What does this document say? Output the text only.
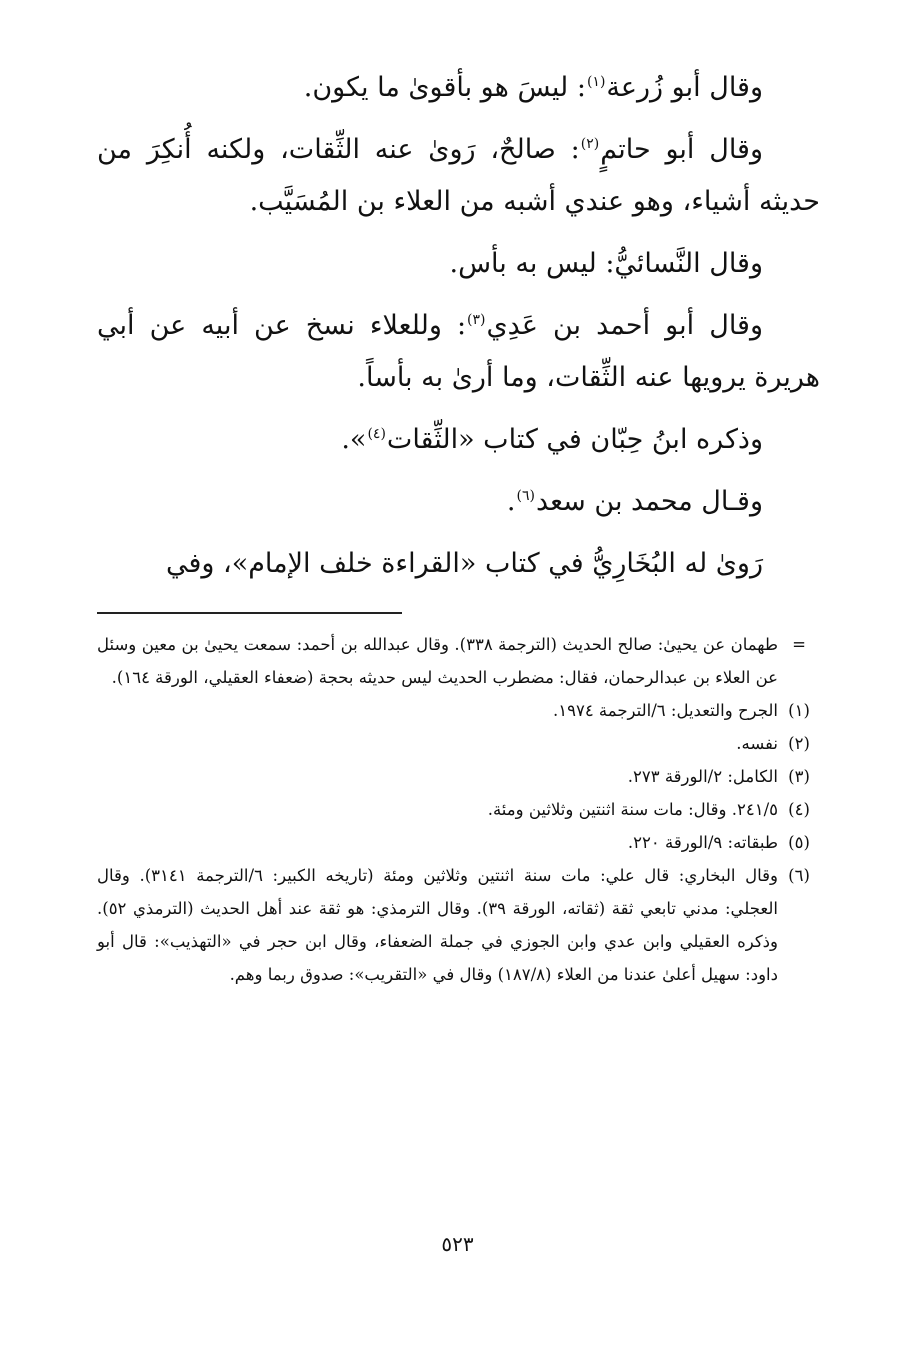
وقال أبو زُرعة$^{(١)}$: ليسَ هو بأقوىٰ ما يكون.

وقال أبو حاتمٍ$^{(٢)}$: صالحٌ، رَوىٰ عنه الثِّقات، ولكنه أُنكِرَ من حديثه أشياء، وهو عندي أشبه من العلاء بن المُسَيَّب.

وقال النَّسائيُّ: ليس به بأس.

وقال أبو أحمد بن عَدِي$^{(٣)}$: وللعلاء نسخ عن أبيه عن أبي هريرة يرويها عنه الثِّقات، وما أرىٰ به بأساً.

وذكره ابنُ حِبّان في كتاب «الثِّقات$^{(٤)}$».

وقـال محمد بن سعد$^{(٦)}$.

رَوىٰ له البُخَارِيُّ في كتاب «القراءة خلف الإمام»، وفي

=
طهمان عن يحيىٰ: صالح الحديث (الترجمة ٣٣٨). وقال عبدالله بن أحمد: سمعت يحيىٰ بن معين وسئل عن العلاء بن عبدالرحمان، فقال: مضطرب الحديث ليس حديثه بحجة (ضعفاء العقيلي، الورقة ١٦٤).
(١)
الجرح والتعديل: ٦/الترجمة ١٩٧٤.
(٢)
نفسه.
(٣)
الكامل: ٢/الورقة ٢٧٣.
(٤)
٢٤١/٥. وقال: مات سنة اثنتين وثلاثين ومئة.
(٥)
طبقاته: ٩/الورقة ٢٢٠.
(٦)
وقال البخاري: قال علي: مات سنة اثنتين وثلاثين ومئة (تاريخه الكبير: ٦/الترجمة ٣١٤١). وقال العجلي: مدني تابعي ثقة (ثقاته، الورقة ٣٩). وقال الترمذي: هو ثقة عند أهل الحديث (الترمذي ٥٢). وذكره العقيلي وابن عدي وابن الجوزي في جملة الضعفاء، وقال ابن حجر في «التهذيب»: قال أبو داود: سهيل أعلىٰ عندنا من العلاء (١٨٧/٨) وقال في «التقريب»: صدوق ربما وهم.
٥٢٣
